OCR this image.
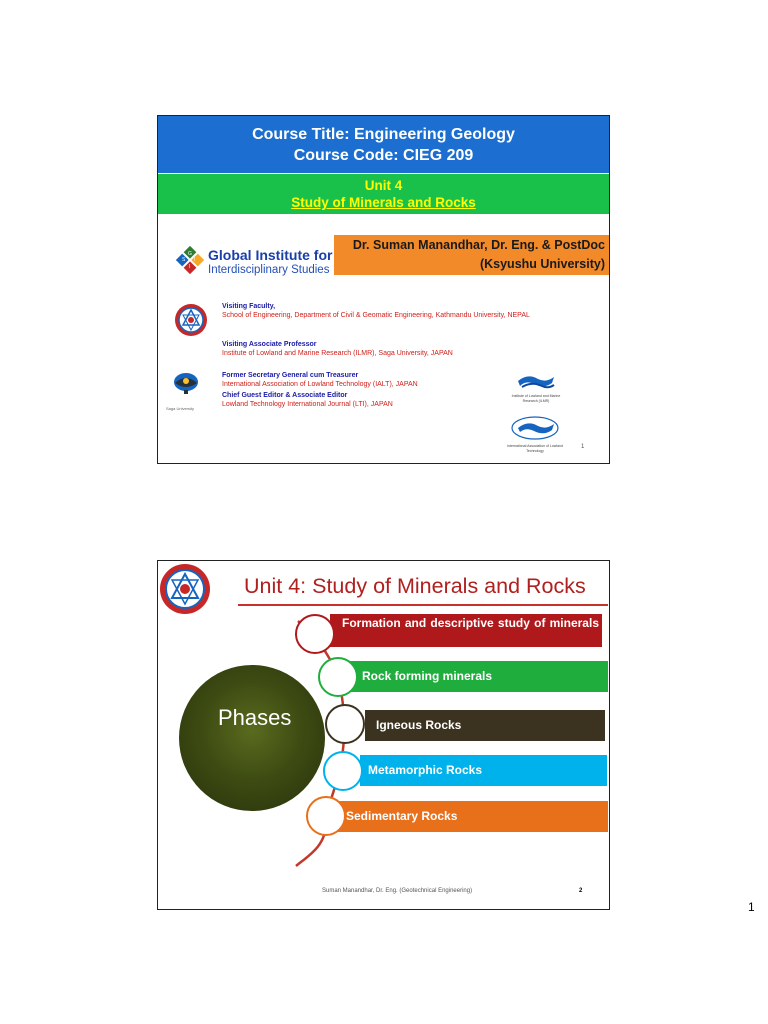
Course Title: Engineering Geology
Course Code: CIEG 209
Unit 4
Study of Minerals and Rocks
G
I
S
I
Global Institute for
Interdisciplinary Studies
Dr. Suman Manandhar, Dr. Eng. & PostDoc
(Ksyushu University)
Visiting Faculty,
School of Engineering, Department of Civil & Geomatic Engineering, Kathmandu University, NEPAL
Visiting Associate Professor
Institute of Lowland and Marine Research (ILMR), Saga University, JAPAN
Former Secretary General cum Treasurer
International Association of Lowland Technology (IALT), JAPAN
Chief Guest Editor & Associate Editor
Lowland Technology International Journal (LTI), JAPAN
Saga University
Institute of Lowland and Marine Research (ILMR)
International Association of Lowland Technology
1
Unit 4: Study of Minerals and Rocks
Phases
Formation and descriptive study of minerals
Rock forming minerals
Igneous Rocks
Metamorphic Rocks
Sedimentary Rocks
Suman Manandhar, Dr. Eng. (Geotechnical Engineering)	2
1
